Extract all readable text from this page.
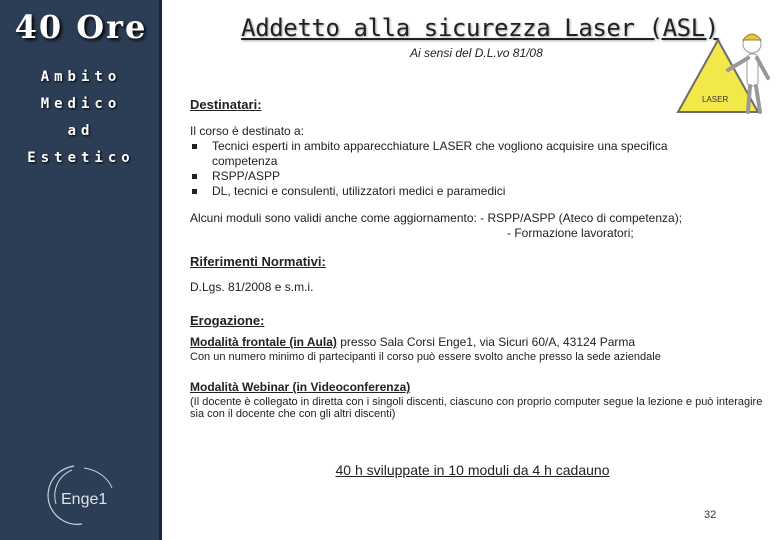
40 Ore
Ambito
Medico
ad
Estetico
Enge1
Addetto alla sicurezza Laser (ASL)
Ai sensi del D.L.vo 81/08
LASER
Destinatari:
Il corso è destinato a:
Tecnici esperti in ambito apparecchiature LASER che vogliono acquisire una specifica competenza
RSPP/ASPP
DL, tecnici e consulenti, utilizzatori medici e paramedici
Alcuni moduli sono validi anche come aggiornamento: - RSPP/ASPP (Ateco di competenza);
- Formazione lavoratori;
Riferimenti Normativi:
D.Lgs. 81/2008 e s.m.i.
Erogazione:
Modalità frontale (in Aula) presso Sala Corsi Enge1, via Sicuri 60/A, 43124 Parma
Con un numero minimo di partecipanti il corso può essere svolto anche presso la sede aziendale
Modalità Webinar (in Videoconferenza)
(Il docente è collegato in diretta con i singoli discenti, ciascuno con proprio computer segue la lezione e può interagire sia con il docente che con gli altri discenti)
40 h sviluppate in 10 moduli da 4 h cadauno
32
